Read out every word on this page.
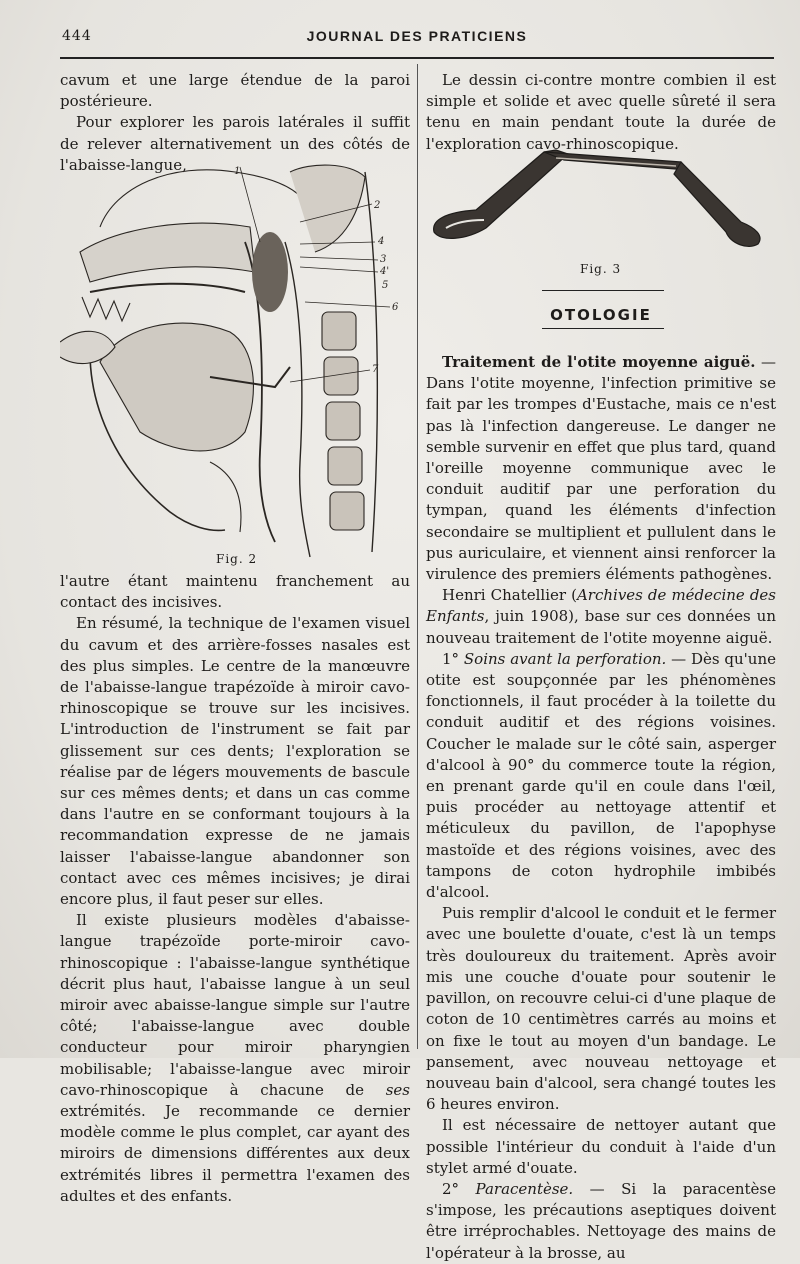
444	JOURNAL DES PRATICIENS

cavum et une large étendue de la paroi postérieure.

Pour explorer les parois latérales il suffit de relever alternativement un des côtés de l'abaisse-langue,	1
2
4
3
4'
5
6
7
Fig. 2

l'autre étant maintenu franchement au contact des incisives.

En résumé, la technique de l'examen visuel du cavum et des arrière-fosses nasales est des plus simples. Le centre de la manœuvre de l'abaisse-langue trapézoïde à miroir cavo-rhinoscopique se trouve sur les incisives. L'introduction de l'instrument se fait par glissement sur ces dents; l'exploration se réalise par de légers mouvements de bascule sur ces mêmes dents; et dans un cas comme dans l'autre en se conformant toujours à la recommandation expresse de ne jamais laisser l'abaisse-langue abandonner son contact avec ces mêmes incisives; je dirai encore plus, il faut peser sur elles.

Il existe plusieurs modèles d'abaisse-langue trapézoïde porte-miroir cavo-rhinoscopique : l'abaisse-langue synthétique décrit plus haut, l'abaisse langue à un seul miroir avec abaisse-langue simple sur l'autre côté; l'abaisse-langue avec double conducteur pour miroir pharyngien mobilisable; l'abaisse-langue avec miroir cavo-rhinoscopique à chacune de ses extrémités. Je recommande ce dernier modèle comme le plus complet, car ayant des miroirs de dimensions différentes aux deux extrémités libres il permettra l'examen des adultes et des enfants.

Le dessin ci-contre montre combien il est simple et solide et avec quelle sûreté il sera tenu en main pendant toute la durée de l'exploration cavo-rhinoscopique.

Fig. 3
OTOLOGIE

Traitement de l'otite moyenne aiguë. — Dans l'otite moyenne, l'infection primitive se fait par les trompes d'Eustache, mais ce n'est pas là l'infection dangereuse. Le danger ne semble survenir en effet que plus tard, quand l'oreille moyenne communique avec le conduit auditif par une perforation du tympan, quand les éléments d'infection secondaire se multiplient et pullulent dans le pus auriculaire, et viennent ainsi renforcer la virulence des premiers éléments pathogènes.

Henri Chatellier (Archives de médecine des Enfants, juin 1908), base sur ces données un nouveau traitement de l'otite moyenne aiguë.

1° Soins avant la perforation. — Dès qu'une otite est soupçonnée par les phénomènes fonctionnels, il faut procéder à la toilette du conduit auditif et des régions voisines. Coucher le malade sur le côté sain, asperger d'alcool à 90° du commerce toute la région, en prenant garde qu'il en coule dans l'œil, puis procéder au nettoyage attentif et méticuleux du pavillon, de l'apophyse mastoïde et des régions voisines, avec des tampons de coton hydrophile imbibés d'alcool.

Puis remplir d'alcool le conduit et le fermer avec une boulette d'ouate, c'est là un temps très douloureux du traitement. Après avoir mis une couche d'ouate pour soutenir le pavillon, on recouvre celui-ci d'une plaque de coton de 10 centimètres carrés au moins et on fixe le tout au moyen d'un bandage. Le pansement, avec nouveau nettoyage et nouveau bain d'alcool, sera changé toutes les 6 heures environ.

Il est nécessaire de nettoyer autant que possible l'intérieur du conduit à l'aide d'un stylet armé d'ouate.

2° Paracentèse. — Si la paracentèse s'impose, les précautions aseptiques doivent être irréprochables. Nettoyage des mains de l'opérateur à la brosse, au
